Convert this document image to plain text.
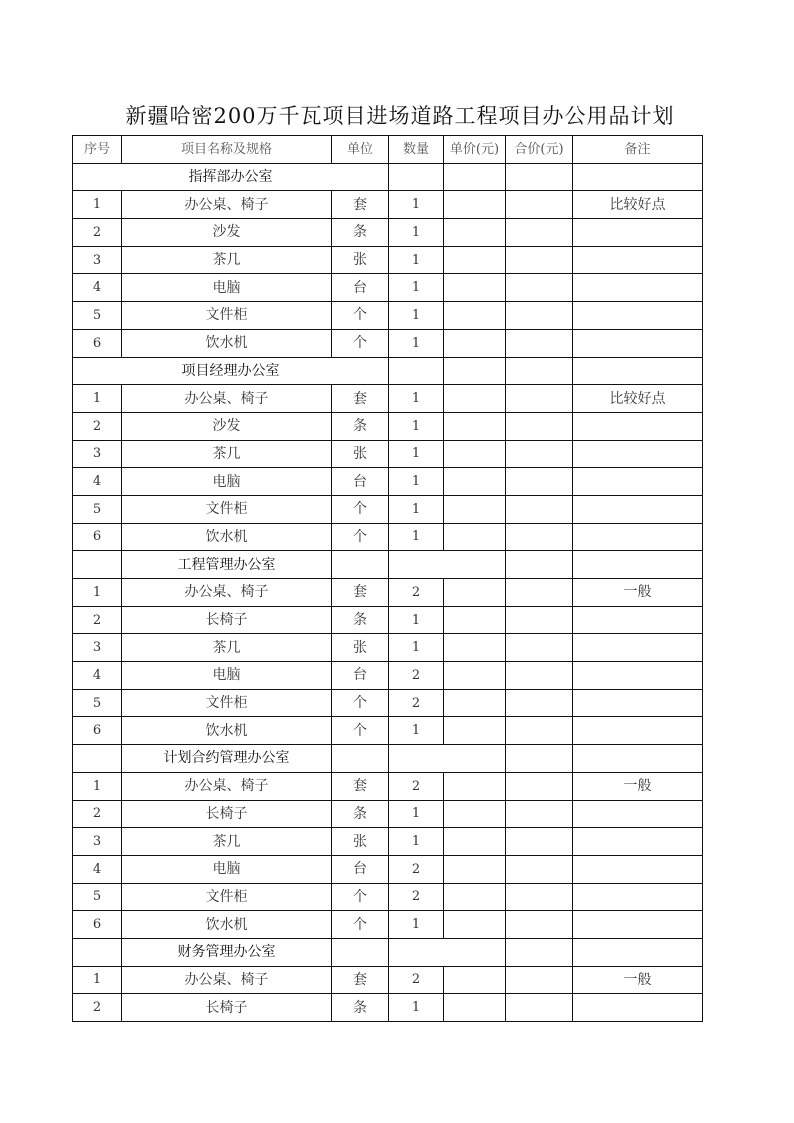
新疆哈密200万千瓦项目进场道路工程项目办公用品计划
序号	项目名称及规格	单位	数量	单价(元)	合价(元)	备注
指挥部办公室						
1	办公桌、椅子	套	1			比较好点
2	沙发	条	1			
3	茶几	张	1			
4	电脑	台	1			
5	文件柜	个	1			
6	饮水机	个	1			
项目经理办公室						
1	办公桌、椅子	套	1			比较好点
2	沙发	条	1			
3	茶几	张	1			
4	电脑	台	1			
5	文件柜	个	1			
6	饮水机	个	1			
	工程管理办公室					
1	办公桌、椅子	套	2			一般
2	长椅子	条	1			
3	茶几	张	1			
4	电脑	台	2			
5	文件柜	个	2			
6	饮水机	个	1			
	计划合约管理办公室					
1	办公桌、椅子	套	2			一般
2	长椅子	条	1			
3	茶几	张	1			
4	电脑	台	2			
5	文件柜	个	2			
6	饮水机	个	1			
	财务管理办公室					
1	办公桌、椅子	套	2			一般
2	长椅子	条	1			
